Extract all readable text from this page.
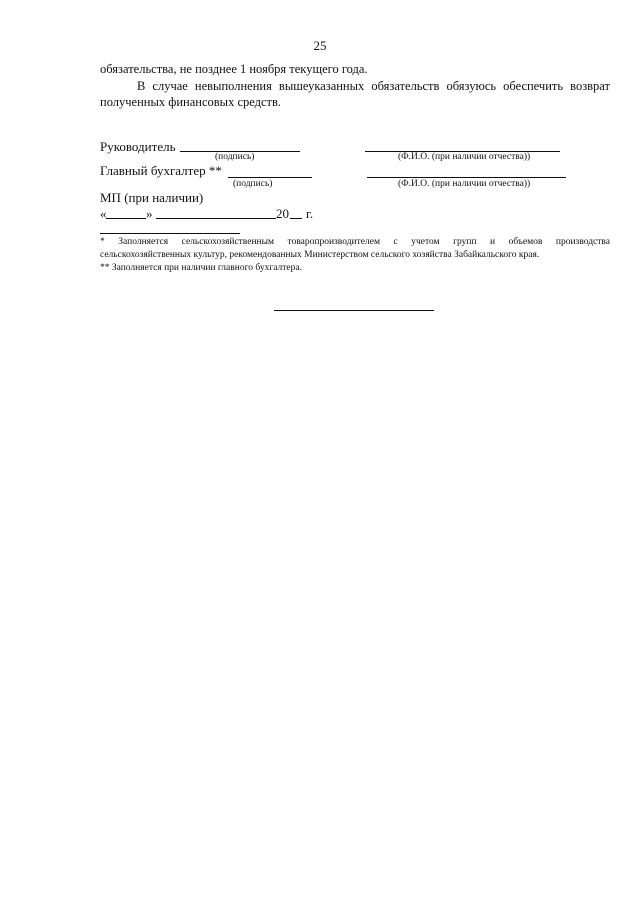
25
обязательства, не позднее 1 ноября текущего года.
В случае невыполнения вышеуказанных обязательств обязуюсь обеспечить возврат
полученных финансовых средств.
Руководитель
(подпись)	(Ф.И.О. (при наличии отчества))
Главный бухгалтер **
(подпись)	(Ф.И.О. (при наличии отчества))
МП (при наличии)
«	»	20 г.
* Заполняется сельскохозяйственным товаропроизводителем с учетом групп и объемов производства
сельскохозяйственных культур, рекомендованных Министерством сельского хозяйства Забайкальского края.
** Заполняется при наличии главного бухгалтера.
